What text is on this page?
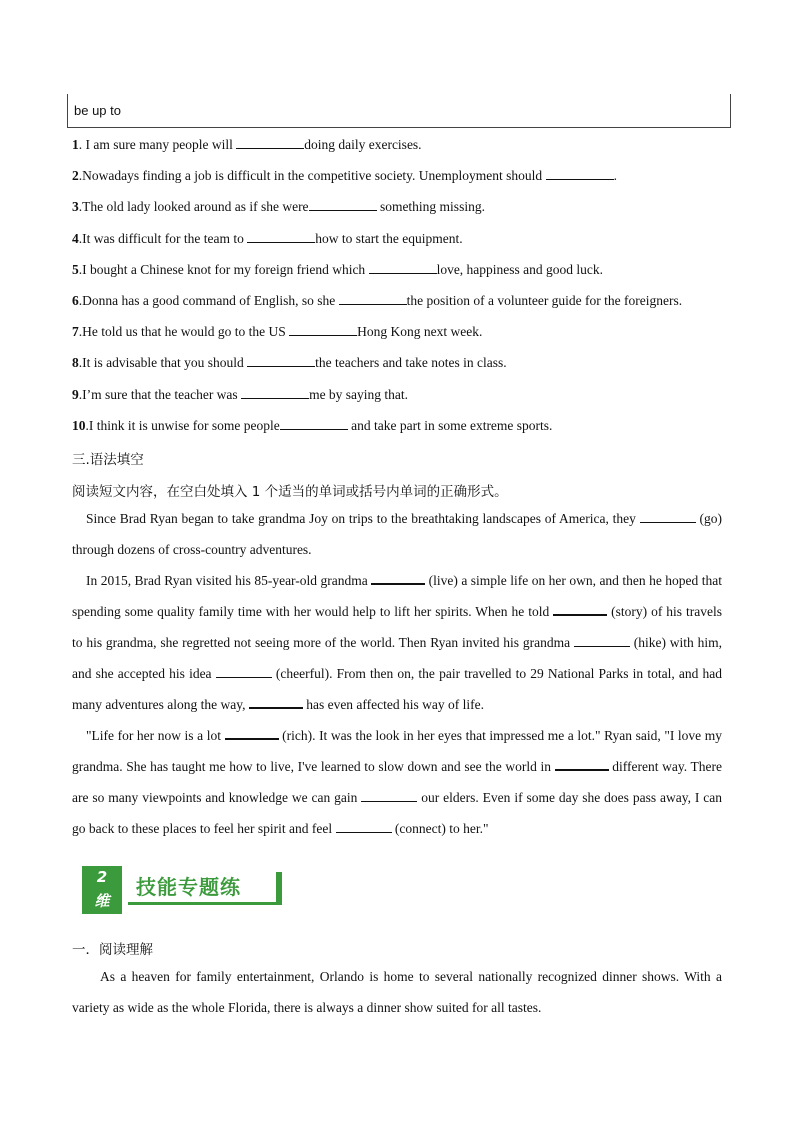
be up to
1. I am sure many people will	doing daily exercises.
2.Nowadays finding a job is difficult in the competitive society. Unemployment should	.
3.The old lady looked around as if she were	something missing.
4.It was difficult for the team to	how to start the equipment.
5.I bought a Chinese knot for my foreign friend which	love, happiness and good luck.
6.Donna has a good command of English, so she	the position of a volunteer guide for the foreigners.
7.He told us that he would go to the US	Hong Kong next week.
8.It is advisable that you should	the teachers and take notes in class.
9.I’m sure that the teacher was	me by saying that.
10.I think it is unwise for some people	and take part in some extreme sports.
三.语法填空
阅读短文内容，在空白处填入 1 个适当的单词或括号内单词的正确形式。

Since Brad Ryan began to take grandma Joy on trips to the breathtaking landscapes of America, they	(go) through dozens of cross-country adventures.

In 2015, Brad Ryan visited his 85-year-old grandma	(live) a simple life on her own, and then he hoped that spending some quality family time with her would help to lift her spirits. When he told	(story) of his travels to his grandma, she regretted not seeing more of the world. Then Ryan invited his grandma	(hike) with him, and she accepted his idea	(cheerful). From then on, the pair travelled to 29 National Parks in total, and had many adventures along the way,	has even affected his way of life.

"Life for her now is a lot	(rich). It was the look in her eyes that impressed me a lot." Ryan said, "I love my grandma. She has taught me how to live, I've learned to slow down and see the world in	different way. There are so many viewpoints and knowledge we can gain	our elders. Even if some day she does pass away, I can go back to these places to feel her spirit and feel	(connect) to her."

2
维
技能专题练
一．阅读理解

As a heaven for family entertainment, Orlando is home to several nationally recognized dinner shows. With a variety as wide as the whole Florida, there is always a dinner show suited for all tastes.
